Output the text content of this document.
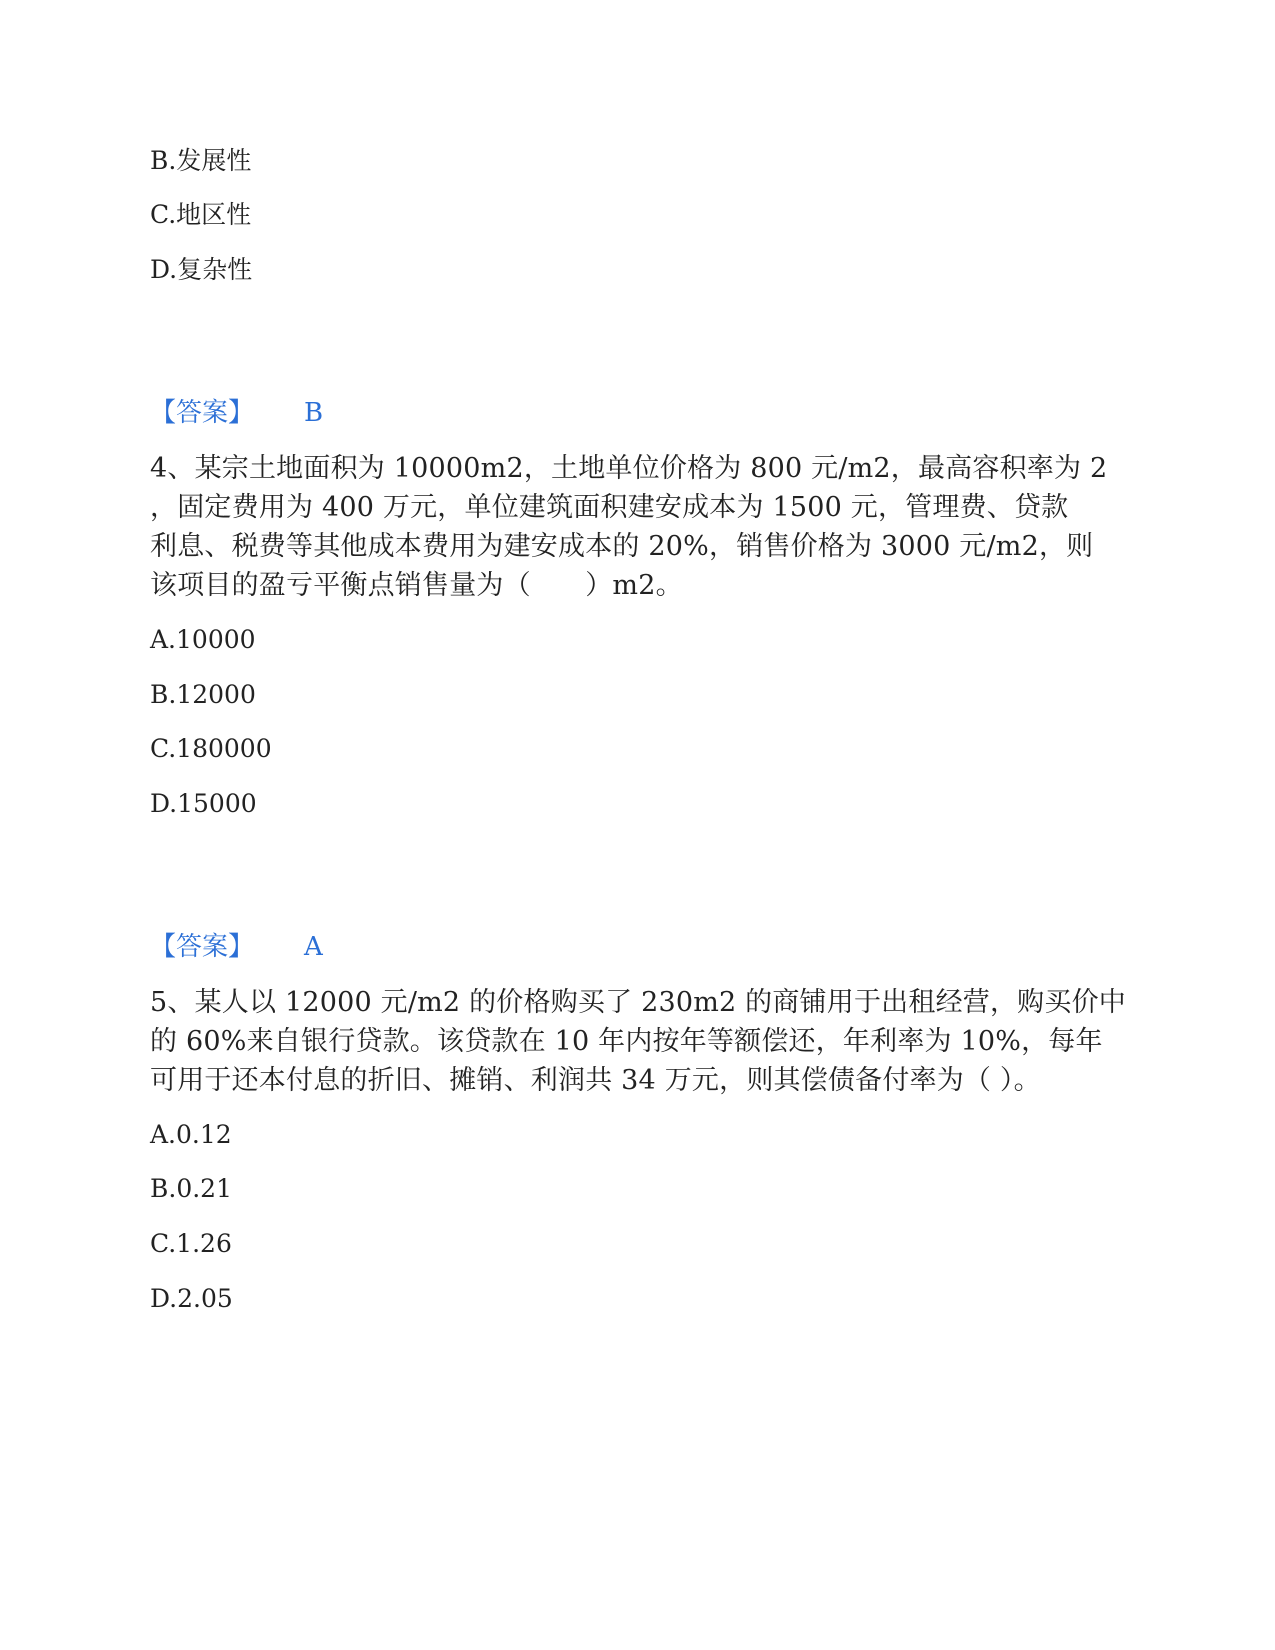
B.发展性
C.地区性
D.复杂性
【答案】 B
4、某宗土地面积为 10000m2，土地单位价格为 800 元/m2，最高容积率为 2
，固定费用为 400 万元，单位建筑面积建安成本为 1500 元，管理费、贷款
利息、税费等其他成本费用为建安成本的 20%，销售价格为 3000 元/m2，则
该项目的盈亏平衡点销售量为（　　）m2。
A.10000
B.12000
C.180000
D.15000
【答案】 A
5、某人以 12000 元/m2 的价格购买了 230m2 的商铺用于出租经营，购买价中
的 60%来自银行贷款。该贷款在 10 年内按年等额偿还，年利率为 10%，每年
可用于还本付息的折旧、摊销、利润共 34 万元，则其偿债备付率为（ ）。
A.0.12
B.0.21
C.1.26
D.2.05
